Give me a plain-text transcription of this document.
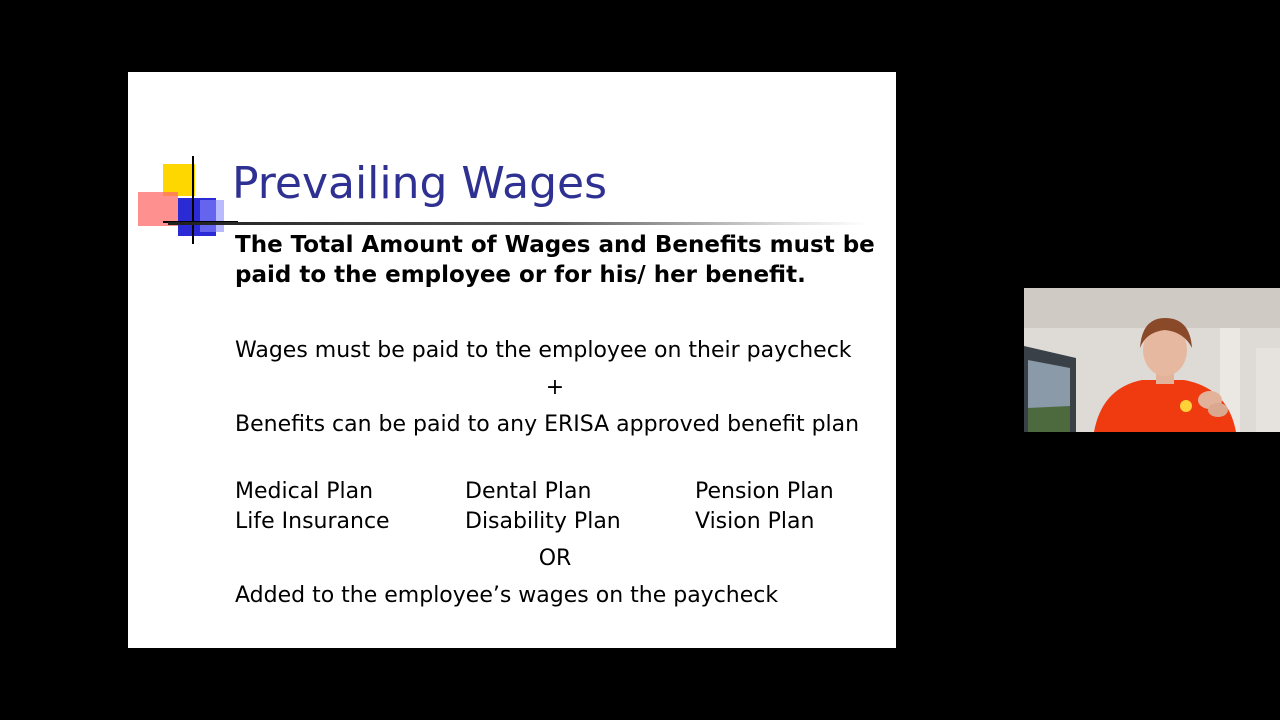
Prevailing Wages
The Total Amount of Wages and Benefits must be paid to the employee or for his/ her benefit.
Wages must be paid to the employee on their paycheck
+
Benefits can be paid to any ERISA approved benefit plan
Medical Plan	Dental Plan	Pension Plan
Life Insurance	Disability Plan	Vision Plan
OR
Added to the employee’s wages on the paycheck
